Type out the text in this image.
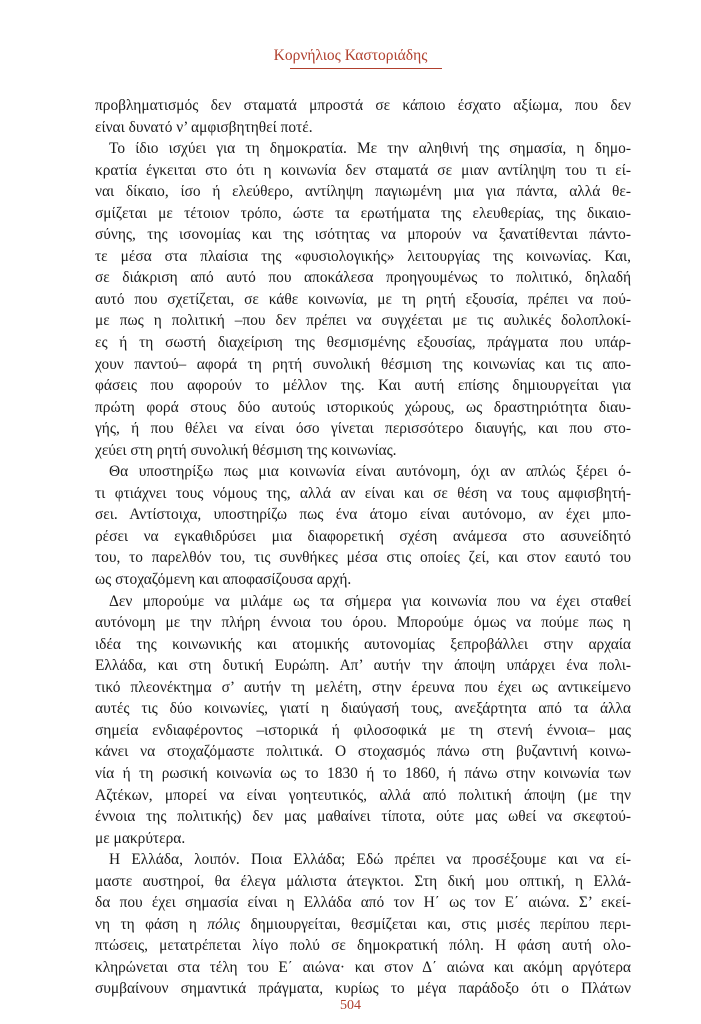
Κορνήλιος Καστοριάδης
προβληματισμός δεν σταματά μπροστά σε κάποιο έσχατο αξίωμα, που δεν
είναι δυνατό ν’ αμφισβητηθεί ποτέ.
Το ίδιο ισχύει για τη δημοκρατία. Με την αληθινή της σημασία, η δημο-
κρατία έγκειται στο ότι η κοινωνία δεν σταματά σε μιαν αντίληψη του τι εί-
ναι δίκαιο, ίσο ή ελεύθερο, αντίληψη παγιωμένη μια για πάντα, αλλά θε-
σμίζεται με τέτοιον τρόπο, ώστε τα ερωτήματα της ελευθερίας, της δικαιο-
σύνης, της ισονομίας και της ισότητας να μπορούν να ξανατίθενται πάντο-
τε μέσα στα πλαίσια της «φυσιολογικής» λειτουργίας της κοινωνίας. Και,
σε διάκριση από αυτό που αποκάλεσα προηγουμένως το πολιτικό, δηλαδή
αυτό που σχετίζεται, σε κάθε κοινωνία, με τη ρητή εξουσία, πρέπει να πού-
με πως η πολιτική –που δεν πρέπει να συγχέεται με τις αυλικές δολοπλοκί-
ες ή τη σωστή διαχείριση της θεσμισμένης εξουσίας, πράγματα που υπάρ-
χουν παντού– αφορά τη ρητή συνολική θέσμιση της κοινωνίας και τις απο-
φάσεις που αφορούν το μέλλον της. Και αυτή επίσης δημιουργείται για
πρώτη φορά στους δύο αυτούς ιστορικούς χώρους, ως δραστηριότητα διαυ-
γής, ή που θέλει να είναι όσο γίνεται περισσότερο διαυγής, και που στο-
χεύει στη ρητή συνολική θέσμιση της κοινωνίας.
Θα υποστηρίξω πως μια κοινωνία είναι αυτόνομη, όχι αν απλώς ξέρει ό-
τι φτιάχνει τους νόμους της, αλλά αν είναι και σε θέση να τους αμφισβητή-
σει. Αντίστοιχα, υποστηρίζω πως ένα άτομο είναι αυτόνομο, αν έχει μπο-
ρέσει να εγκαθιδρύσει μια διαφορετική σχέση ανάμεσα στο ασυνείδητό
του, το παρελθόν του, τις συνθήκες μέσα στις οποίες ζεί, και στον εαυτό του
ως στοχαζόμενη και αποφασίζουσα αρχή.
Δεν μπορούμε να μιλάμε ως τα σήμερα για κοινωνία που να έχει σταθεί
αυτόνομη με την πλήρη έννοια του όρου. Μπορούμε όμως να πούμε πως η
ιδέα της κοινωνικής και ατομικής αυτονομίας ξεπροβάλλει στην αρχαία
Ελλάδα, και στη δυτική Ευρώπη. Απ’ αυτήν την άποψη υπάρχει ένα πολι-
τικό πλεονέκτημα σ’ αυτήν τη μελέτη, στην έρευνα που έχει ως αντικείμενο
αυτές τις δύο κοινωνίες, γιατί η διαύγασή τους, ανεξάρτητα από τα άλλα
σημεία ενδιαφέροντος –ιστορικά ή φιλοσοφικά με τη στενή έννοια– μας
κάνει να στοχαζόμαστε πολιτικά. Ο στοχασμός πάνω στη βυζαντινή κοινω-
νία ή τη ρωσική κοινωνία ως το 1830 ή το 1860, ή πάνω στην κοινωνία των
Αζτέκων, μπορεί να είναι γοητευτικός, αλλά από πολιτική άποψη (με την
έννοια της πολιτικής) δεν μας μαθαίνει τίποτα, ούτε μας ωθεί να σκεφτού-
με μακρύτερα.
Η Ελλάδα, λοιπόν. Ποια Ελλάδα; Εδώ πρέπει να προσέξουμε και να εί-
μαστε αυστηροί, θα έλεγα μάλιστα άτεγκτοι. Στη δική μου οπτική, η Ελλά-
δα που έχει σημασία είναι η Ελλάδα από τον Η΄ ως τον Ε΄ αιώνα. Σ’ εκεί-
νη τη φάση η πόλις δημιουργείται, θεσμίζεται και, στις μισές περίπου περι-
πτώσεις, μετατρέπεται λίγο πολύ σε δημοκρατική πόλη. Η φάση αυτή ολο-
κληρώνεται στα τέλη του Ε΄ αιώνα· και στον Δ΄ αιώνα και ακόμη αργότερα
συμβαίνουν σημαντικά πράγματα, κυρίως το μέγα παράδοξο ότι ο Πλάτων
504
